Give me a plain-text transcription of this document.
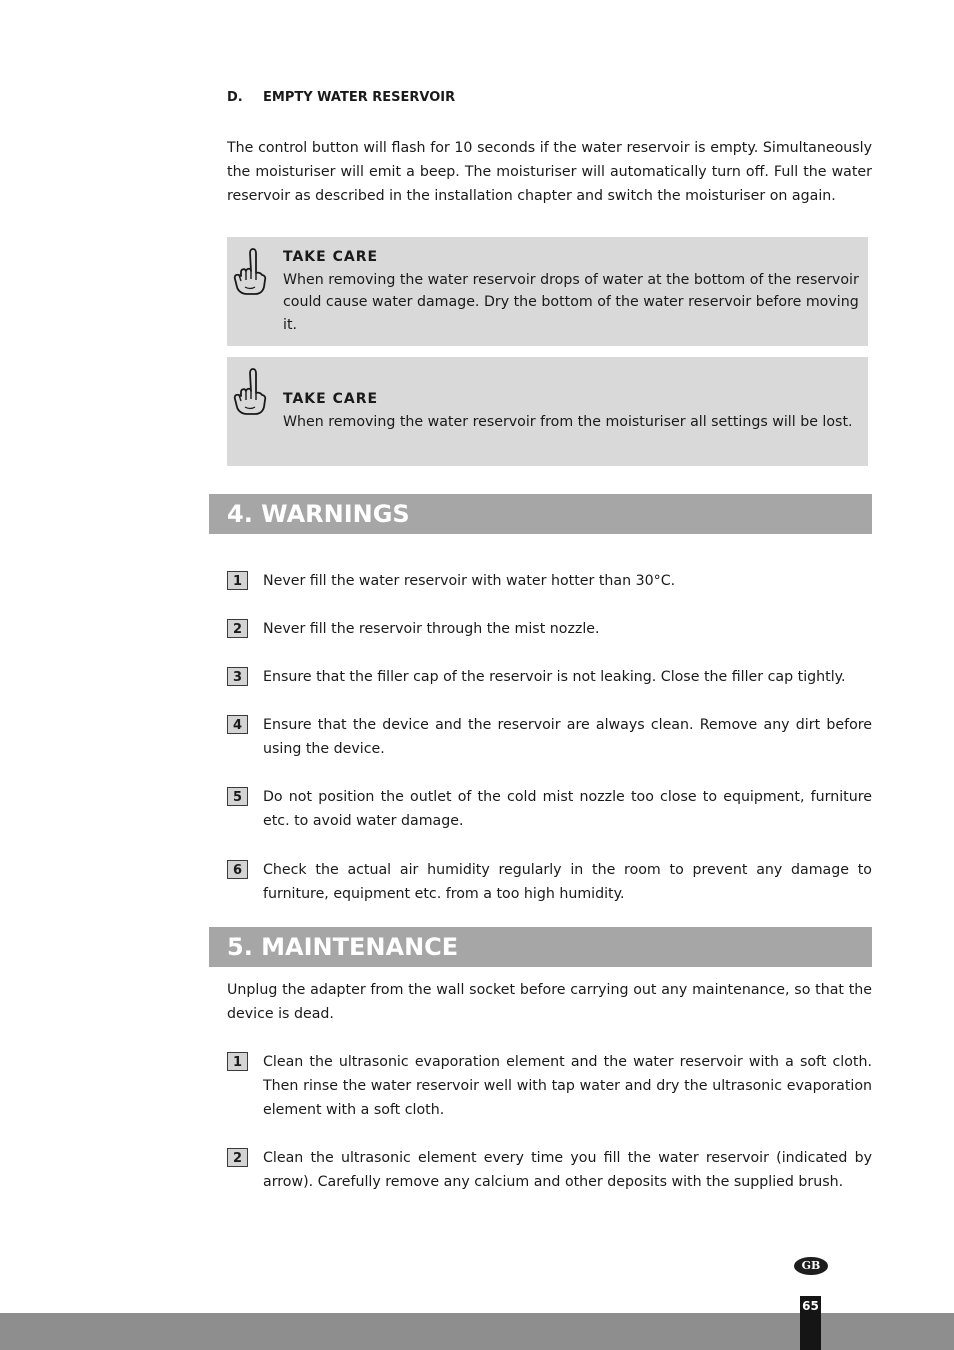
D. EMPTY WATER RESERVOIR
The control button will flash for 10 seconds if the water reservoir is empty. Simultaneously the moisturiser will emit a beep. The moisturiser will automatically turn off. Full the water reservoir as described in the installation chapter and switch the moisturiser on again.
TAKE CARE
When removing the water reservoir drops of water at the bottom of the reservoir could cause water damage. Dry the bottom of the water reservoir before moving it.
TAKE CARE
When removing the water reservoir from the moisturiser all settings will be lost.
4. WARNINGS
1	Never fill the water reservoir with water hotter than 30°C.
2	Never fill the reservoir through the mist nozzle.
3	Ensure that the filler cap of the reservoir is not leaking. Close the filler cap tightly.
4	Ensure that the device and the reservoir are always clean. Remove any dirt before using the device.
5	Do not position the outlet of the cold mist nozzle too close to equipment, furniture etc. to avoid water damage.
6	Check the actual air humidity regularly in the room to prevent any damage to furniture, equipment etc. from a too high humidity.
5. MAINTENANCE
Unplug the adapter from the wall socket before carrying out any maintenance, so that the device is dead.
1	Clean the ultrasonic evaporation element and the water reservoir with a soft cloth. Then rinse the water reservoir well with tap water and dry the ultrasonic evaporation element with a soft cloth.
2	Clean the ultrasonic element every time you fill the water reservoir (indicated by arrow). Carefully remove any calcium and other deposits with the supplied brush.
GB
65
